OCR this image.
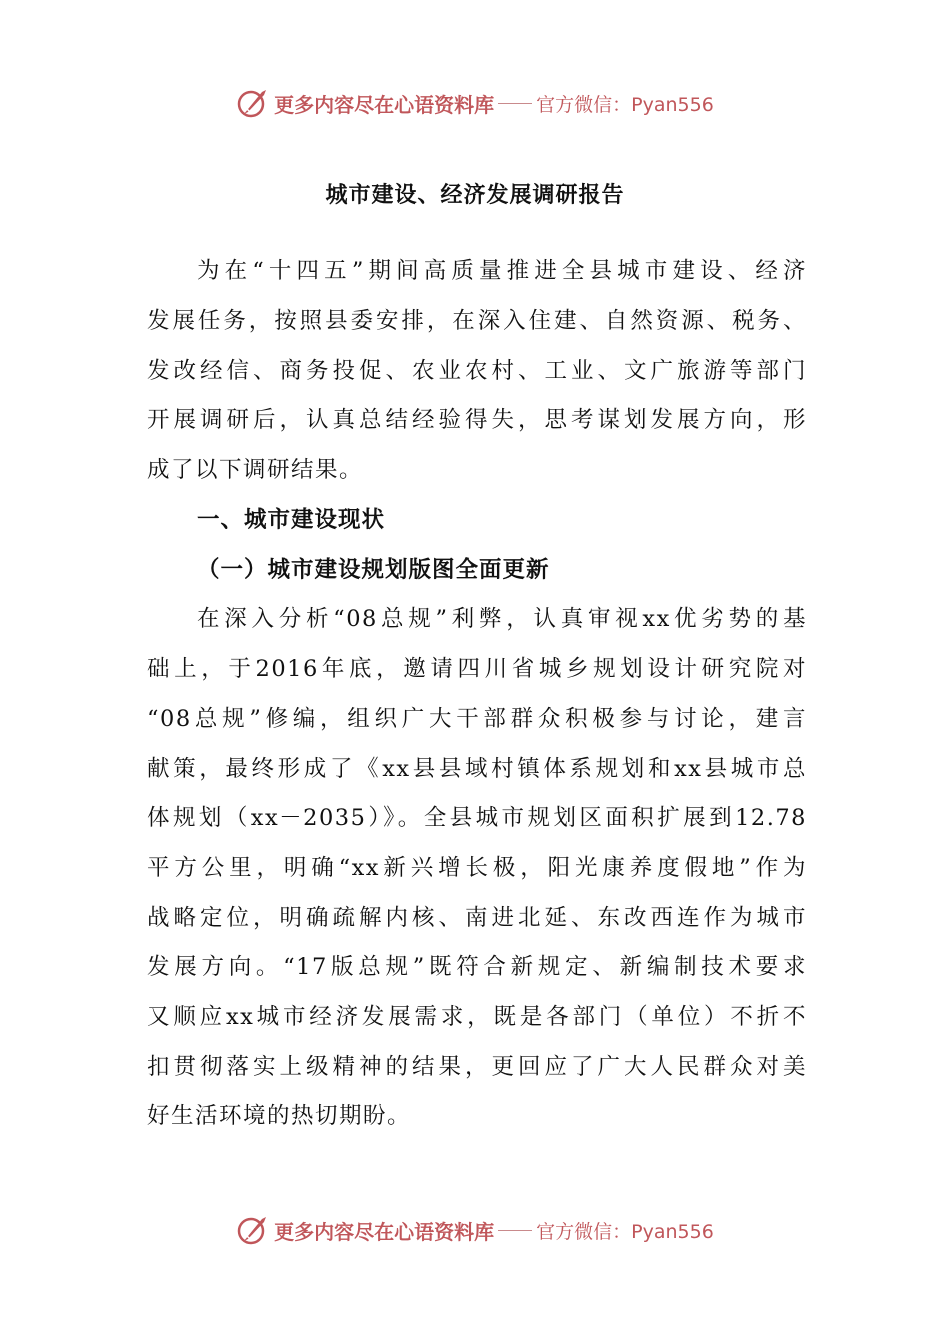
更多内容尽在心语资料库 官方微信：Pyan556
城市建设、经济发展调研报告
为在“十四五”期间高质量推进全县城市建设、经济
发展任务，按照县委安排，在深入住建、自然资源、税务、
发改经信、商务投促、农业农村、工业、文广旅游等部门
开展调研后，认真总结经验得失，思考谋划发展方向，形
成了以下调研结果。
一、城市建设现状
（一）城市建设规划版图全面更新
在深入分析“08总规”利弊，认真审视xx优劣势的基
础上，于2016年底，邀请四川省城乡规划设计研究院对
“08总规”修编，组织广大干部群众积极参与讨论，建言
献策，最终形成了《xx县县域村镇体系规划和xx县城市总
体规划（xx－2035）》。全县城市规划区面积扩展到12.78
平方公里，明确“xx新兴增长极，阳光康养度假地”作为
战略定位，明确疏解内核、南进北延、东改西连作为城市
发展方向。“17版总规”既符合新规定、新编制技术要求
又顺应xx城市经济发展需求，既是各部门（单位）不折不
扣贯彻落实上级精神的结果，更回应了广大人民群众对美
好生活环境的热切期盼。
更多内容尽在心语资料库 官方微信：Pyan556
